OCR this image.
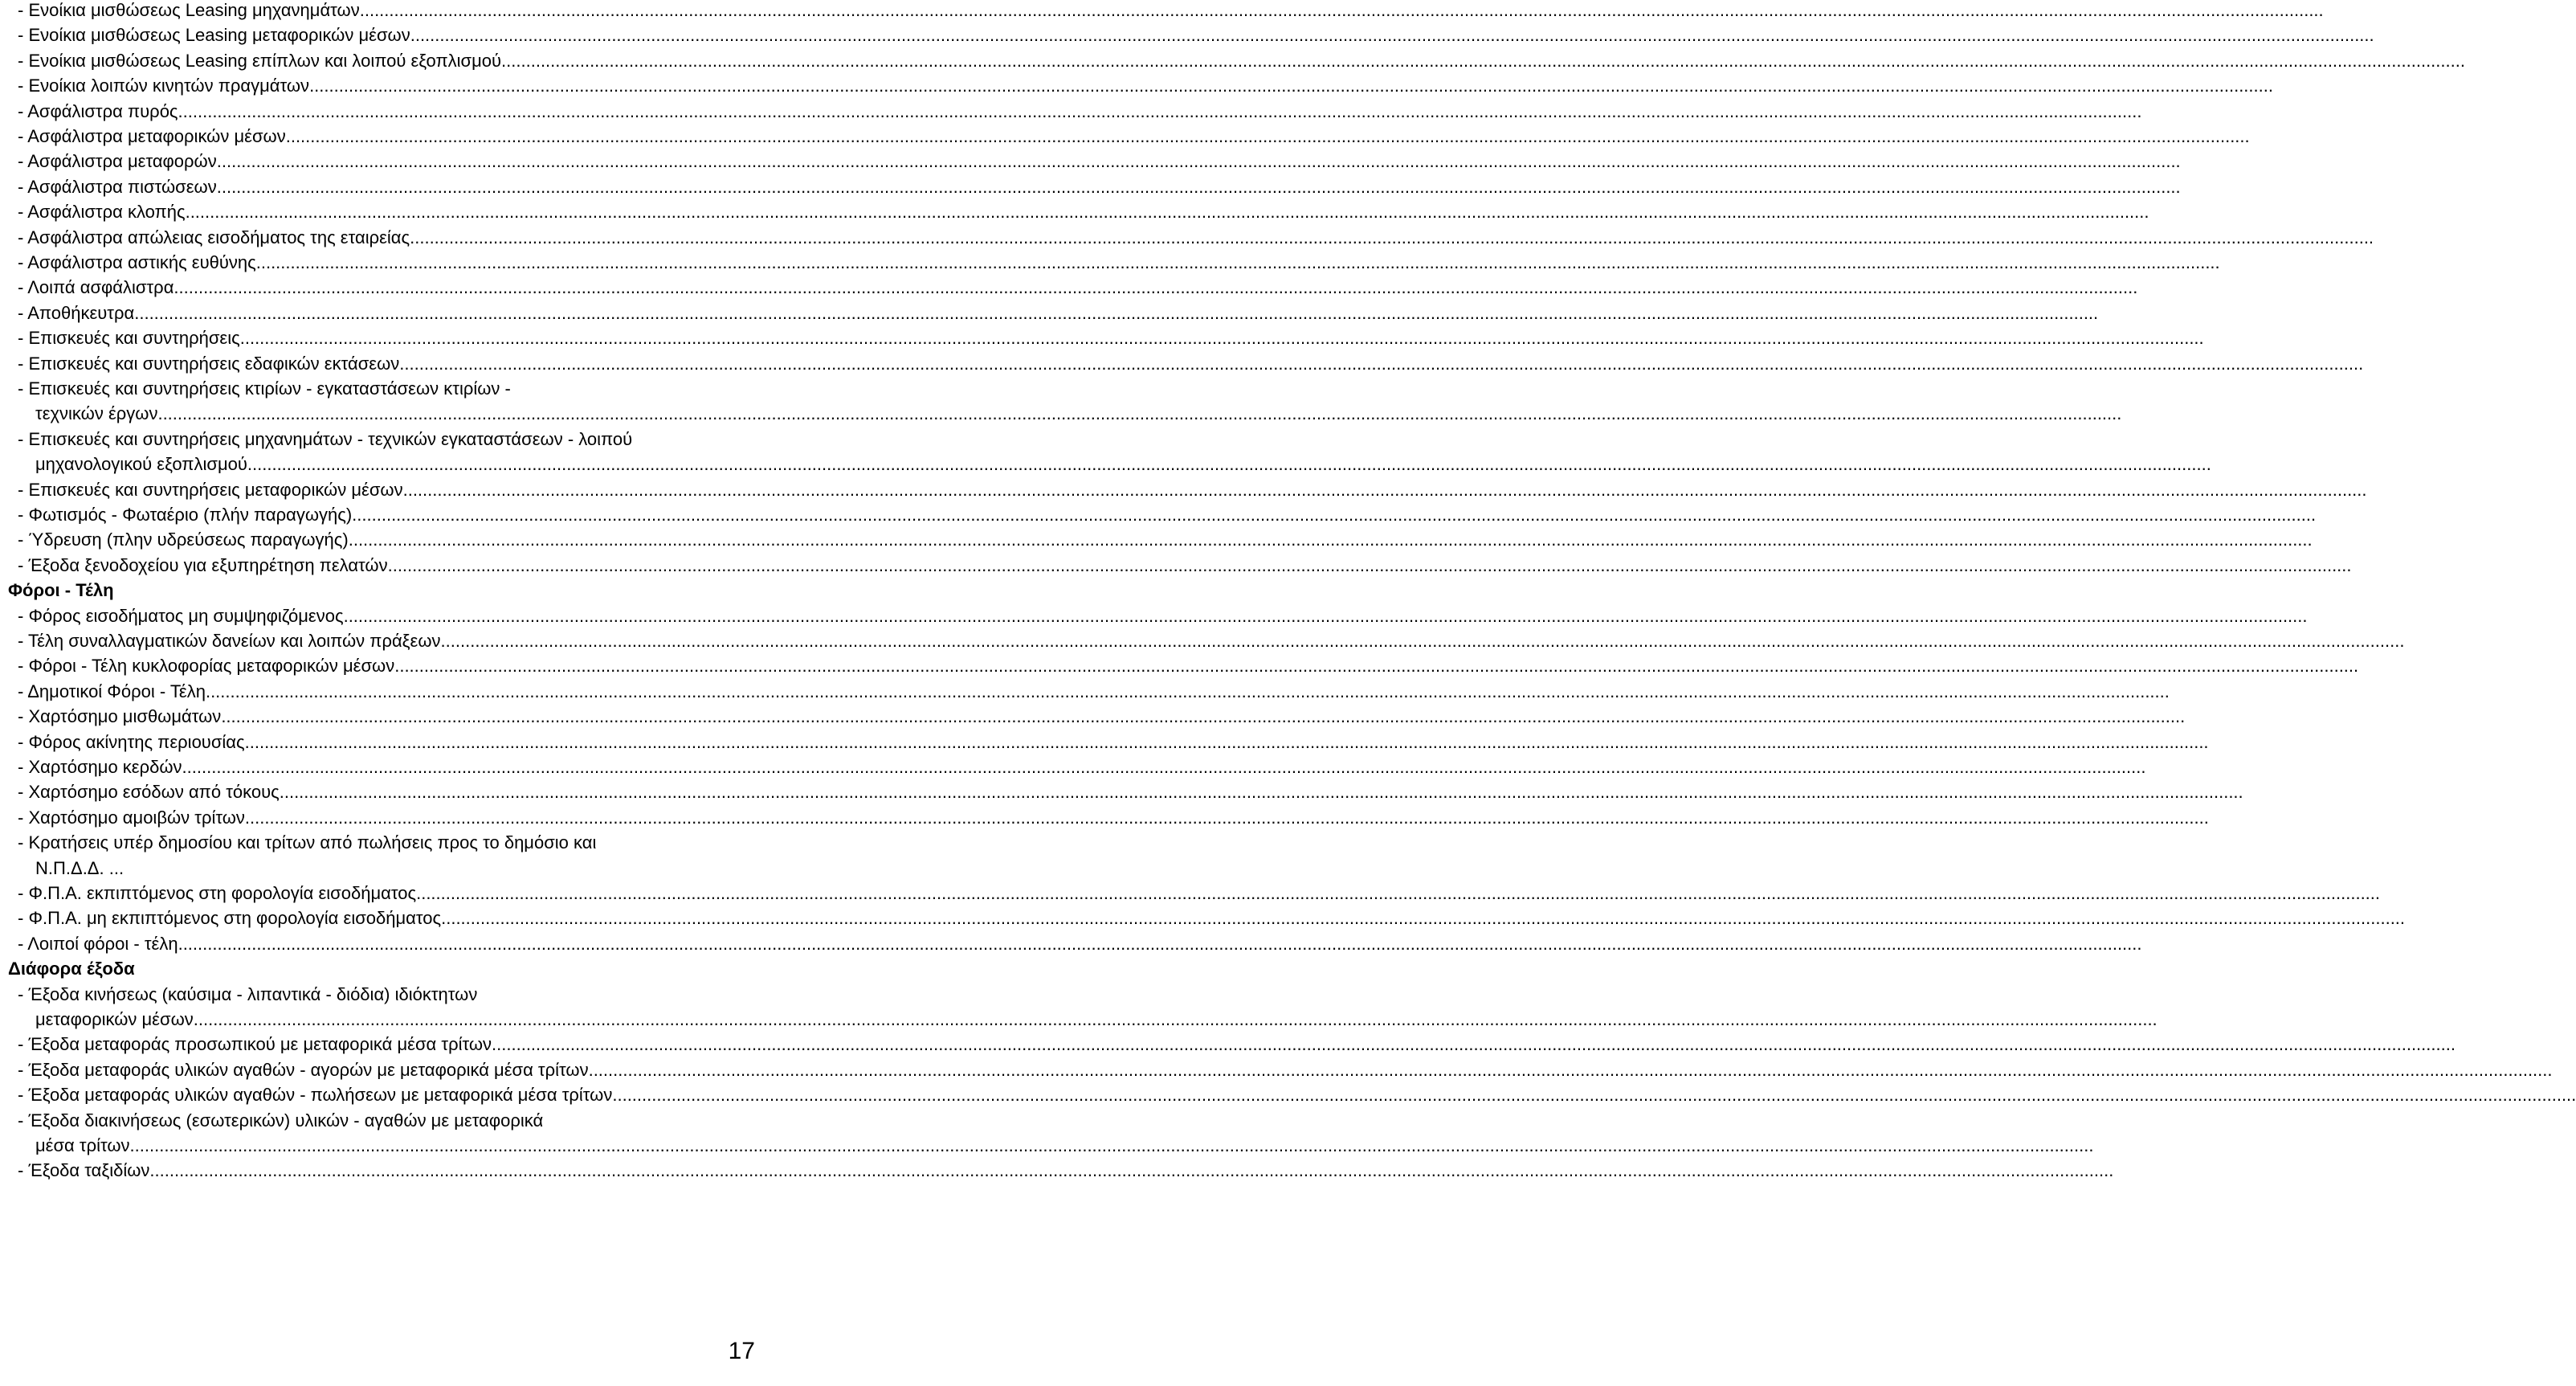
- Ενοίκια μισθώσεως Leasing μηχανημάτων ................................................................................................................................................................................................................................................................................................................................................................................................................
- Ενοίκια μισθώσεως Leasing μεταφορικών μέσων ................................................................................................................................................................................................................................................................................................................................................................................................................
- Ενοίκια μισθώσεως Leasing επίπλων και λοιπού εξοπλισμού ................................................................................................................................................................................................................................................................................................................................................................................................................
- Ενοίκια λοιπών κινητών πραγμάτων ................................................................................................................................................................................................................................................................................................................................................................................................................
- Ασφάλιστρα πυρός ................................................................................................................................................................................................................................................................................................................................................................................................................
- Ασφάλιστρα μεταφορικών μέσων ................................................................................................................................................................................................................................................................................................................................................................................................................
- Ασφάλιστρα μεταφορών ................................................................................................................................................................................................................................................................................................................................................................................................................
- Ασφάλιστρα πιστώσεων ................................................................................................................................................................................................................................................................................................................................................................................................................
- Ασφάλιστρα κλοπής ................................................................................................................................................................................................................................................................................................................................................................................................................
- Ασφάλιστρα απώλειας εισοδήματος της εταιρείας ................................................................................................................................................................................................................................................................................................................................................................................................................
- Ασφάλιστρα αστικής ευθύνης ................................................................................................................................................................................................................................................................................................................................................................................................................
- Λοιπά ασφάλιστρα ................................................................................................................................................................................................................................................................................................................................................................................................................
- Αποθήκευτρα ................................................................................................................................................................................................................................................................................................................................................................................................................
- Επισκευές και συντηρήσεις ................................................................................................................................................................................................................................................................................................................................................................................................................
- Επισκευές και συντηρήσεις εδαφικών εκτάσεων ................................................................................................................................................................................................................................................................................................................................................................................................................
- Επισκευές και συντηρήσεις κτιρίων - εγκαταστάσεων κτιρίων -
τεχνικών έργων ................................................................................................................................................................................................................................................................................................................................................................................................................
- Επισκευές και συντηρήσεις μηχανημάτων - τεχνικών εγκαταστάσεων - λοιπού
μηχανολογικού εξοπλισμού ................................................................................................................................................................................................................................................................................................................................................................................................................
- Επισκευές και συντηρήσεις μεταφορικών μέσων ................................................................................................................................................................................................................................................................................................................................................................................................................
- Φωτισμός - Φωταέριο (πλήν παραγωγής) ................................................................................................................................................................................................................................................................................................................................................................................................................
- Ύδρευση (πλην υδρεύσεως παραγωγής) ................................................................................................................................................................................................................................................................................................................................................................................................................
- Έξοδα ξενοδοχείου για εξυπηρέτηση πελατών ................................................................................................................................................................................................................................................................................................................................................................................................................
Φόροι - Τέλη
- Φόρος εισοδήματος μη συμψηφιζόμενος ................................................................................................................................................................................................................................................................................................................................................................................................................
- Τέλη συναλλαγματικών δανείων και λοιπών πράξεων ................................................................................................................................................................................................................................................................................................................................................................................................................
- Φόροι - Τέλη κυκλοφορίας μεταφορικών μέσων ................................................................................................................................................................................................................................................................................................................................................................................................................
- Δημοτικοί Φόροι - Τέλη ................................................................................................................................................................................................................................................................................................................................................................................................................
- Χαρτόσημο μισθωμάτων ................................................................................................................................................................................................................................................................................................................................................................................................................
- Φόρος ακίνητης περιουσίας ................................................................................................................................................................................................................................................................................................................................................................................................................
- Χαρτόσημο κερδών ................................................................................................................................................................................................................................................................................................................................................................................................................
- Χαρτόσημο εσόδων από τόκους ................................................................................................................................................................................................................................................................................................................................................................................................................
- Χαρτόσημο αμοιβών τρίτων ................................................................................................................................................................................................................................................................................................................................................................................................................
- Κρατήσεις υπέρ δημοσίου και τρίτων από πωλήσεις προς το δημόσιο και
Ν.Π.Δ.Δ. ...
- Φ.Π.Α. εκπιπτόμενος στη φορολογία εισοδήματος ................................................................................................................................................................................................................................................................................................................................................................................................................
- Φ.Π.Α. μη εκπιπτόμενος στη φορολογία εισοδήματος ................................................................................................................................................................................................................................................................................................................................................................................................................
- Λοιποί φόροι - τέλη ................................................................................................................................................................................................................................................................................................................................................................................................................
Διάφορα έξοδα
- Έξοδα κινήσεως (καύσιμα - λιπαντικά - διόδια) ιδιόκτητων
μεταφορικών μέσων ................................................................................................................................................................................................................................................................................................................................................................................................................
- Έξοδα μεταφοράς προσωπικού με μεταφορικά μέσα τρίτων ................................................................................................................................................................................................................................................................................................................................................................................................................
- Έξοδα μεταφοράς υλικών αγαθών - αγορών με μεταφορικά μέσα τρίτων ................................................................................................................................................................................................................................................................................................................................................................................................................
- Έξοδα μεταφοράς υλικών αγαθών - πωλήσεων με μεταφορικά μέσα τρίτων ................................................................................................................................................................................................................................................................................................................................................................................................................
- Έξοδα διακινήσεως (εσωτερικών) υλικών - αγαθών με μεταφορικά
μέσα τρίτων ................................................................................................................................................................................................................................................................................................................................................................................................................
- Έξοδα ταξιδίων ................................................................................................................................................................................................................................................................................................................................................................................................................
17
